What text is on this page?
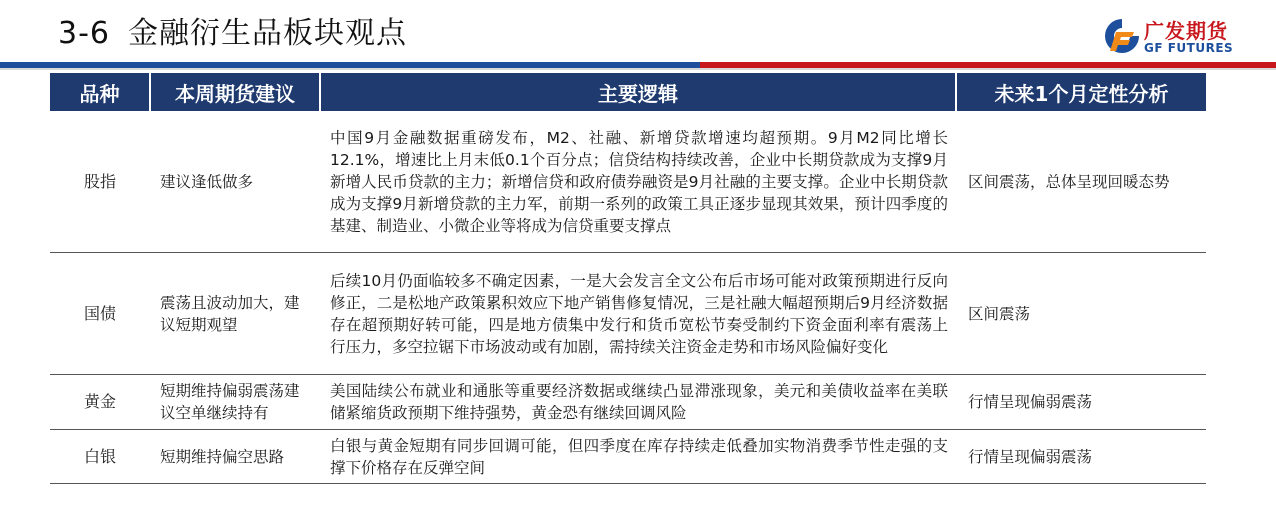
3-6 金融衍生品板块观点	广发期货
GF FUTURES
品种	本周期货建议	主要逻辑	未来1个月定性分析
股指	建议逢低做多	中国9月金融数据重磅发布，M2、社融、新增贷款增速均超预期。9月M2同比增长12.1%，增速比上月末低0.1个百分点；信贷结构持续改善，企业中长期贷款成为支撑9月新增人民币贷款的主力；新增信贷和政府债券融资是9月社融的主要支撑。企业中长期贷款成为支撑9月新增贷款的主力军，前期一系列的政策工具正逐步显现其效果，预计四季度的基建、制造业、小微企业等将成为信贷重要支撑点	区间震荡，总体呈现回暖态势
国债	震荡且波动加大，建议短期观望	后续10月仍面临较多不确定因素，一是大会发言全文公布后市场可能对政策预期进行反向修正，二是松地产政策累积效应下地产销售修复情况，三是社融大幅超预期后9月经济数据存在超预期好转可能，四是地方债集中发行和货币宽松节奏受制约下资金面利率有震荡上行压力，多空拉锯下市场波动或有加剧，需持续关注资金走势和市场风险偏好变化	区间震荡
黄金	短期维持偏弱震荡建议空单继续持有	美国陆续公布就业和通胀等重要经济数据或继续凸显滞涨现象，美元和美债收益率在美联储紧缩货政预期下维持强势，黄金恐有继续回调风险	行情呈现偏弱震荡
白银	短期维持偏空思路	白银与黄金短期有同步回调可能，但四季度在库存持续走低叠加实物消费季节性走强的支撑下价格存在反弹空间	行情呈现偏弱震荡
